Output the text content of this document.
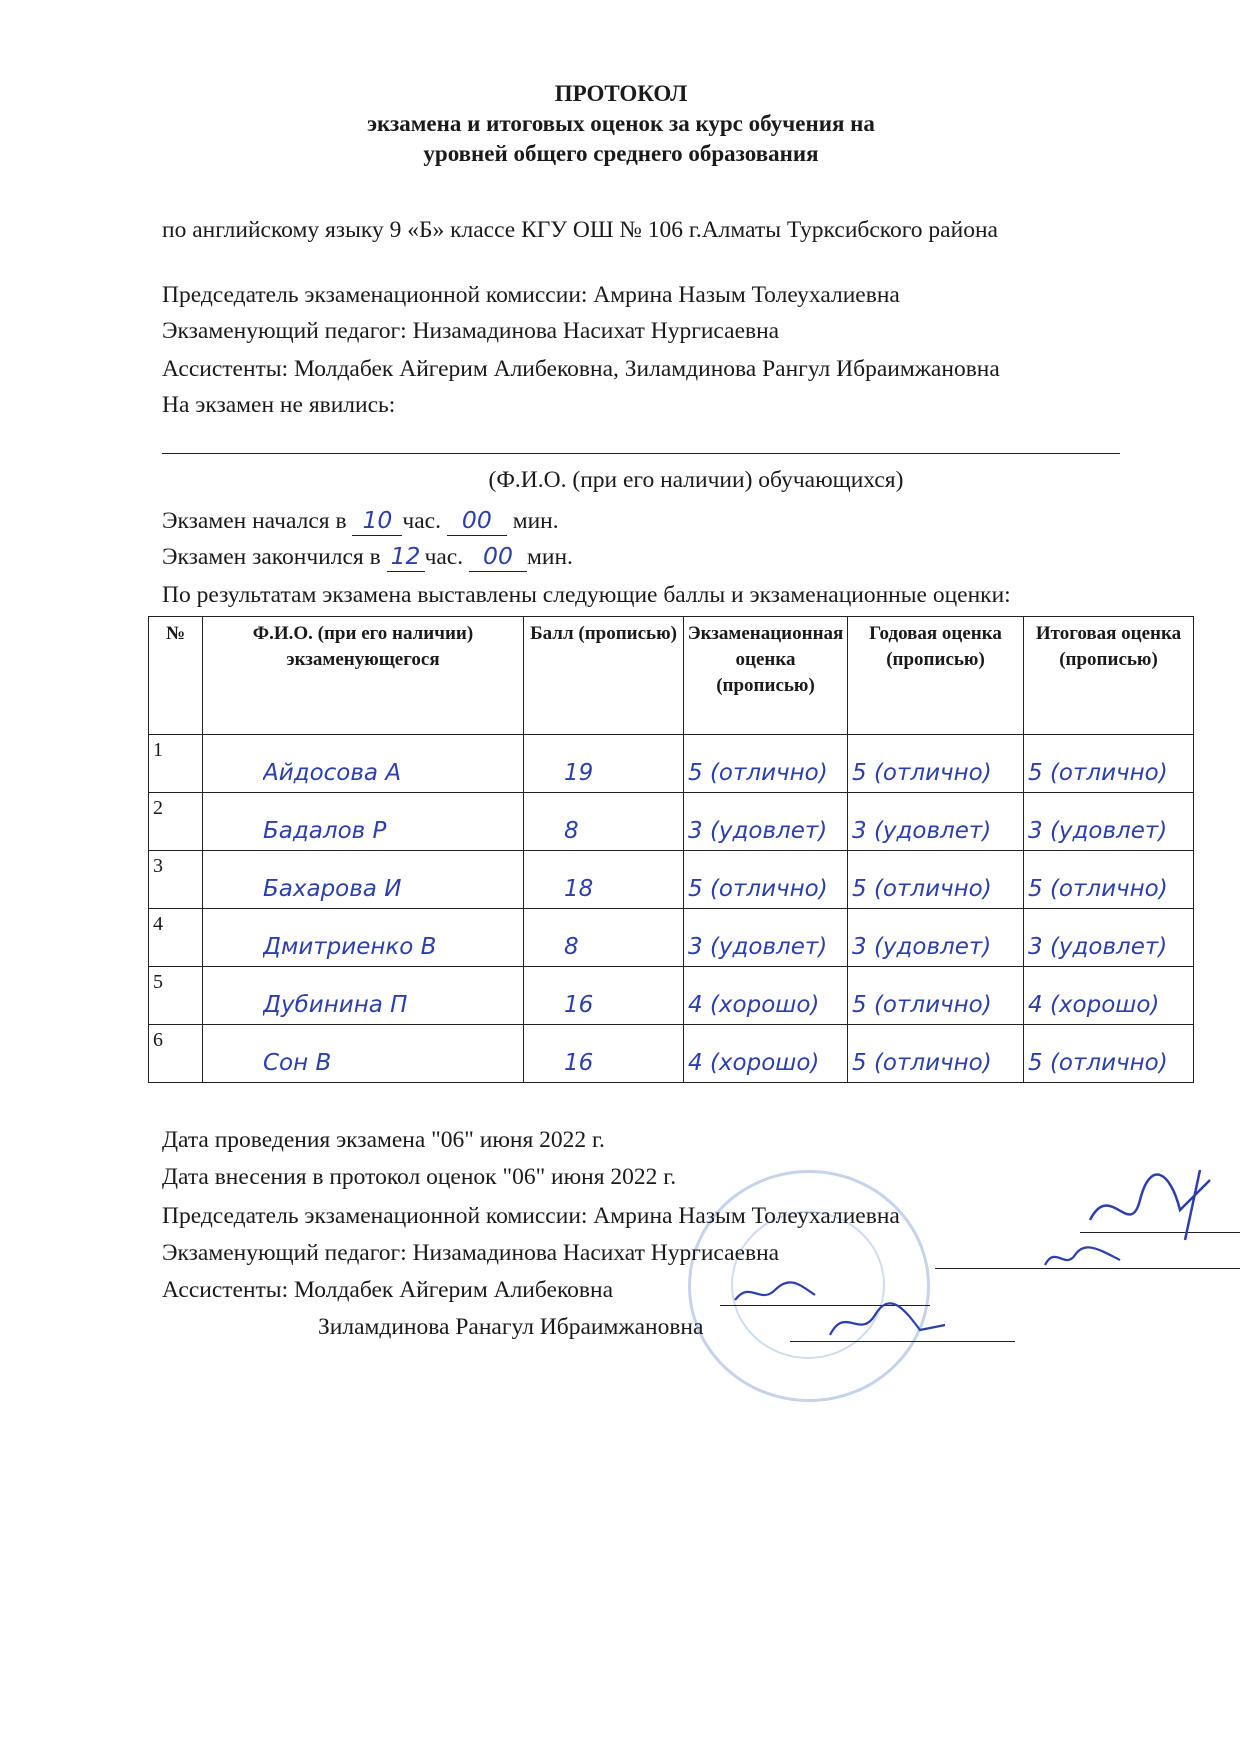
ПРОТОКОЛ
экзамена и итоговых оценок за курс обучения на
уровней общего среднего образования
по английскому языку 9 «Б» классе КГУ ОШ № 106 г.Алматы Турксибского района
Председатель экзаменационной комиссии: Амрина Назым Толеухалиевна
Экзаменующий педагог: Низамадинова Насихат Нургисаевна
Ассистенты: Молдабек Айгерим Алибековна, Зиламдинова Рангул Ибраимжановна
На экзамен не явились:
(Ф.И.О. (при его наличии) обучающихся)
Экзамен начался в 10 час. 00 мин.
Экзамен закончился в 12 час. 00 мин.
По результатам экзамена выставлены следующие баллы и экзаменационные оценки:
№	Ф.И.О. (при его наличии) экзаменующегося	Балл (прописью)	Экзаменационная оценка (прописью)	Годовая оценка (прописью)	Итоговая оценка (прописью)

1	Айдосова А	19	5 (отлично)	5 (отлично)	5 (отлично)

2	Бадалов Р	8	3 (удовлет)	3 (удовлет)	3 (удовлет)

3	Бахарова И	18	5 (отлично)	5 (отлично)	5 (отлично)

4	Дмитриенко В	8	3 (удовлет)	3 (удовлет)	3 (удовлет)

5	Дубинина П	16	4 (хорошо)	5 (отлично)	4 (хорошо)

6	Сон В	16	4 (хорошо)	5 (отлично)	5 (отлично)
Дата проведения экзамена "06" июня 2022 г.
Дата внесения в протокол оценок "06" июня 2022 г.
Председатель экзаменационной комиссии: Амрина Назым Толеухалиевна
Экзаменующий педагог: Низамадинова Насихат Нургисаевна
Ассистенты: Молдабек Айгерим Алибековна
Зиламдинова Ранагул Ибраимжановна
